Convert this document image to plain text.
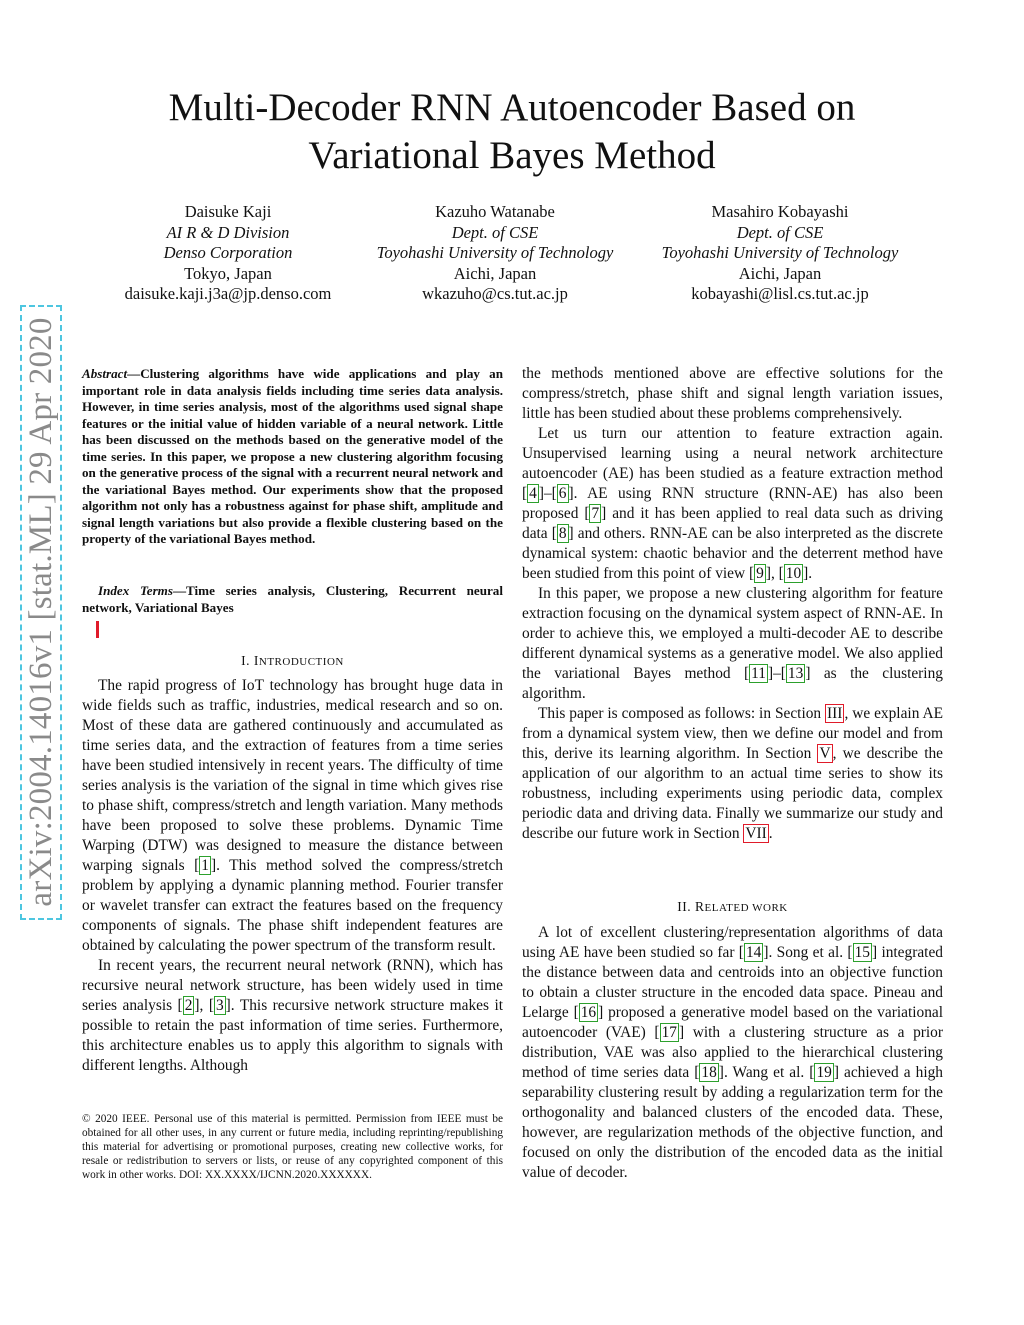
arXiv:2004.14016v1 [stat.ML] 29 Apr 2020
Multi-Decoder RNN Autoencoder Based on
Variational Bayes Method
Daisuke Kaji
AI R & D Division
Denso Corporation
Tokyo, Japan
daisuke.kaji.j3a@jp.denso.com
Kazuho Watanabe
Dept. of CSE
Toyohashi University of Technology
Aichi, Japan
wkazuho@cs.tut.ac.jp
Masahiro Kobayashi
Dept. of CSE
Toyohashi University of Technology
Aichi, Japan
kobayashi@lisl.cs.tut.ac.jp
Abstract—Clustering algorithms have wide applications and play an important role in data analysis fields including time series data analysis. However, in time series analysis, most of the algorithms used signal shape features or the initial value of hidden variable of a neural network. Little has been discussed on the methods based on the generative model of the time series. In this paper, we propose a new clustering algorithm focusing on the generative process of the signal with a recurrent neural network and the variational Bayes method. Our experiments show that the proposed algorithm not only has a robustness against for phase shift, amplitude and signal length variations but also provide a flexible clustering based on the property of the variational Bayes method.
Index Terms—Time series analysis, Clustering, Recurrent neural network, Variational Bayes
I. INTRODUCTION

The rapid progress of IoT technology has brought huge data in wide fields such as traffic, industries, medical research and so on. Most of these data are gathered continuously and accumulated as time series data, and the extraction of features from a time series have been studied intensively in recent years. The difficulty of time series analysis is the variation of the signal in time which gives rise to phase shift, compress/stretch and length variation. Many methods have been proposed to solve these problems. Dynamic Time Warping (DTW) was designed to measure the distance between warping signals [ 1 ]. This method solved the compress/stretch problem by applying a dynamic planning method. Fourier transfer or wavelet transfer can extract the features based on the frequency components of signals. The phase shift independent features are obtained by calculating the power spectrum of the transform result.

In recent years, the recurrent neural network (RNN), which has recursive neural network structure, has been widely used in time series analysis [ 2 ], [ 3 ]. This recursive network structure makes it possible to retain the past information of time series. Furthermore, this architecture enables us to apply this algorithm to signals with different lengths. Although

© 2020 IEEE. Personal use of this material is permitted. Permission from IEEE must be obtained for all other uses, in any current or future media, including reprinting/republishing this material for advertising or promotional purposes, creating new collective works, for resale or redistribution to servers or lists, or reuse of any copyrighted component of this work in other works. DOI: XX.XXXX/IJCNN.2020.XXXXXX.

the methods mentioned above are effective solutions for the compress/stretch, phase shift and signal length variation issues, little has been studied about these problems comprehensively.

Let us turn our attention to feature extraction again. Unsupervised learning using a neural network architecture autoencoder (AE) has been studied as a feature extraction method [ 4 ]–[ 6 ]. AE using RNN structure (RNN-AE) has also been proposed [ 7 ] and it has been applied to real data such as driving data [ 8 ] and others. RNN-AE can be also interpreted as the discrete dynamical system: chaotic behavior and the deterrent method have been studied from this point of view [ 9 ], [ 10 ].

In this paper, we propose a new clustering algorithm for feature extraction focusing on the dynamical system aspect of RNN-AE. In order to achieve this, we employed a multi-decoder AE to describe different dynamical systems as a generative model. We also applied the variational Bayes method [ 11 ]–[ 13 ] as the clustering algorithm.

This paper is composed as follows: in Section III , we explain AE from a dynamical system view, then we define our model and from this, derive its learning algorithm. In Section V , we describe the application of our algorithm to an actual time series to show its robustness, including experiments using periodic data, complex periodic data and driving data. Finally we summarize our study and describe our future work in Section VII .

II. RELATED WORK

A lot of excellent clustering/representation algorithms of data using AE have been studied so far [ 14 ]. Song et al. [ 15 ] integrated the distance between data and centroids into an objective function to obtain a cluster structure in the encoded data space. Pineau and Lelarge [ 16 ] proposed a generative model based on the variational autoencoder (VAE) [ 17 ] with a clustering structure as a prior distribution, VAE was also applied to the hierarchical clustering method of time series data [ 18 ]. Wang et al. [ 19 ] achieved a high separability clustering result by adding a regularization term for the orthogonality and balanced clusters of the encoded data. These, however, are regularization methods of the objective function, and focused on only the distribution of the encoded data as the initial value of decoder.
